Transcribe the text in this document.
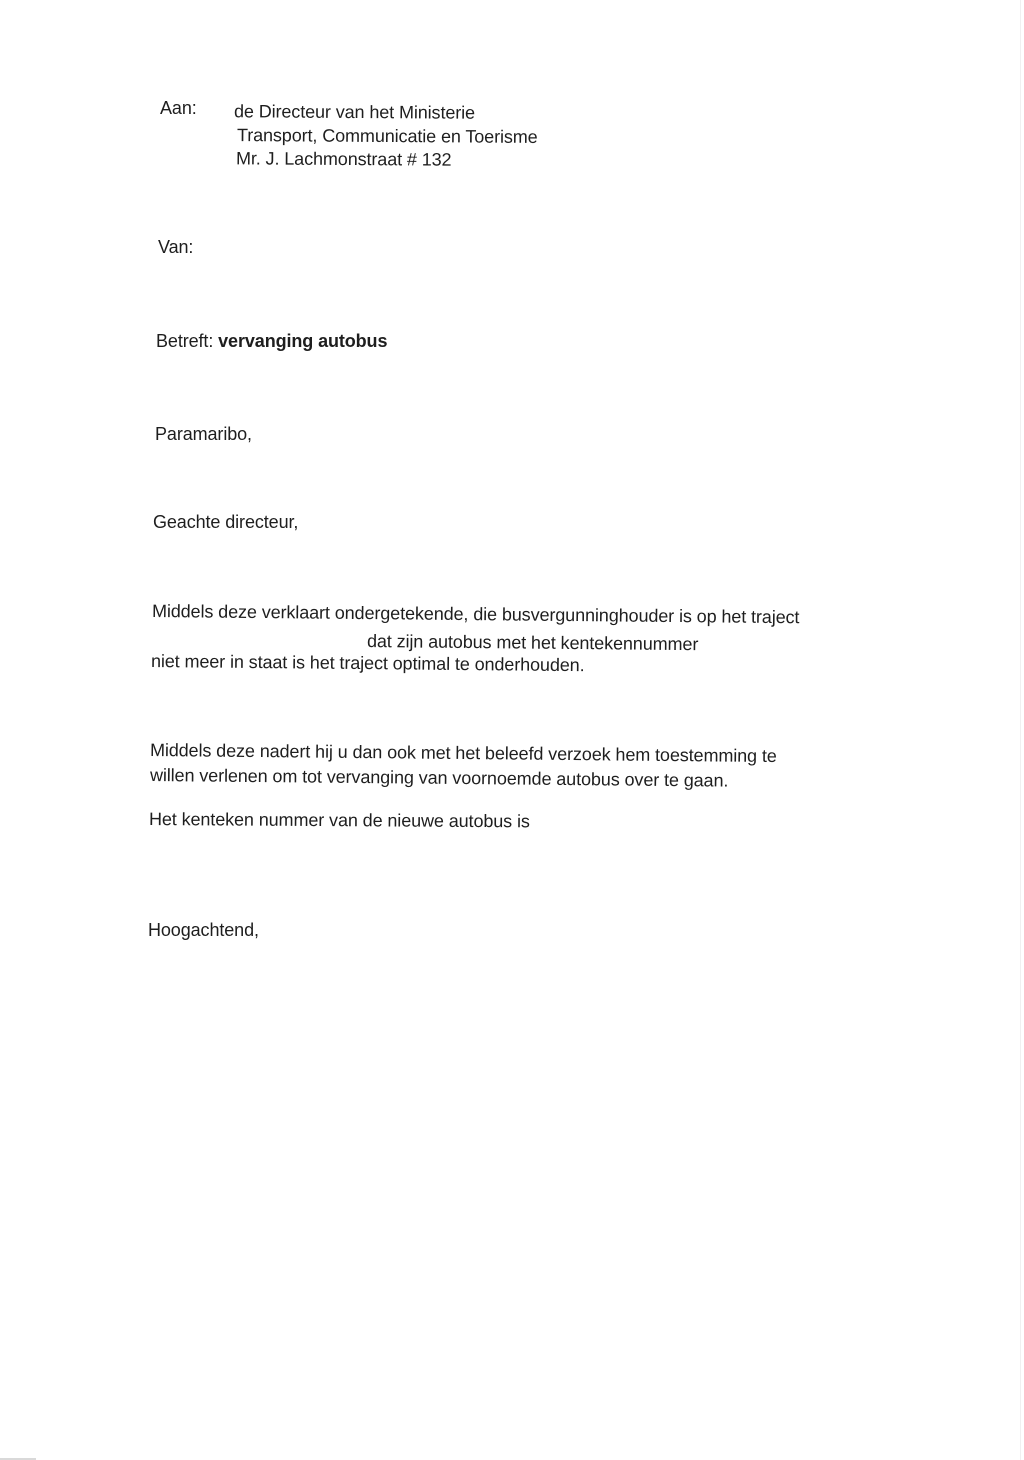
Aan: de Directeur van het Ministerie
Transport, Communicatie en Toerisme
Mr. J. Lachmonstraat # 132
Van:
Betreft: vervanging autobus
Paramaribo,
Geachte directeur,
Middels deze verklaart ondergetekende, die busvergunninghouder is op het traject
dat zijn autobus met het kentekennummer
niet meer in staat is het traject optimal te onderhouden.
Middels deze nadert hij u dan ook met het beleefd verzoek hem toestemming te
willen verlenen om tot vervanging van voornoemde autobus over te gaan.
Het kenteken nummer van de nieuwe autobus is
Hoogachtend,
